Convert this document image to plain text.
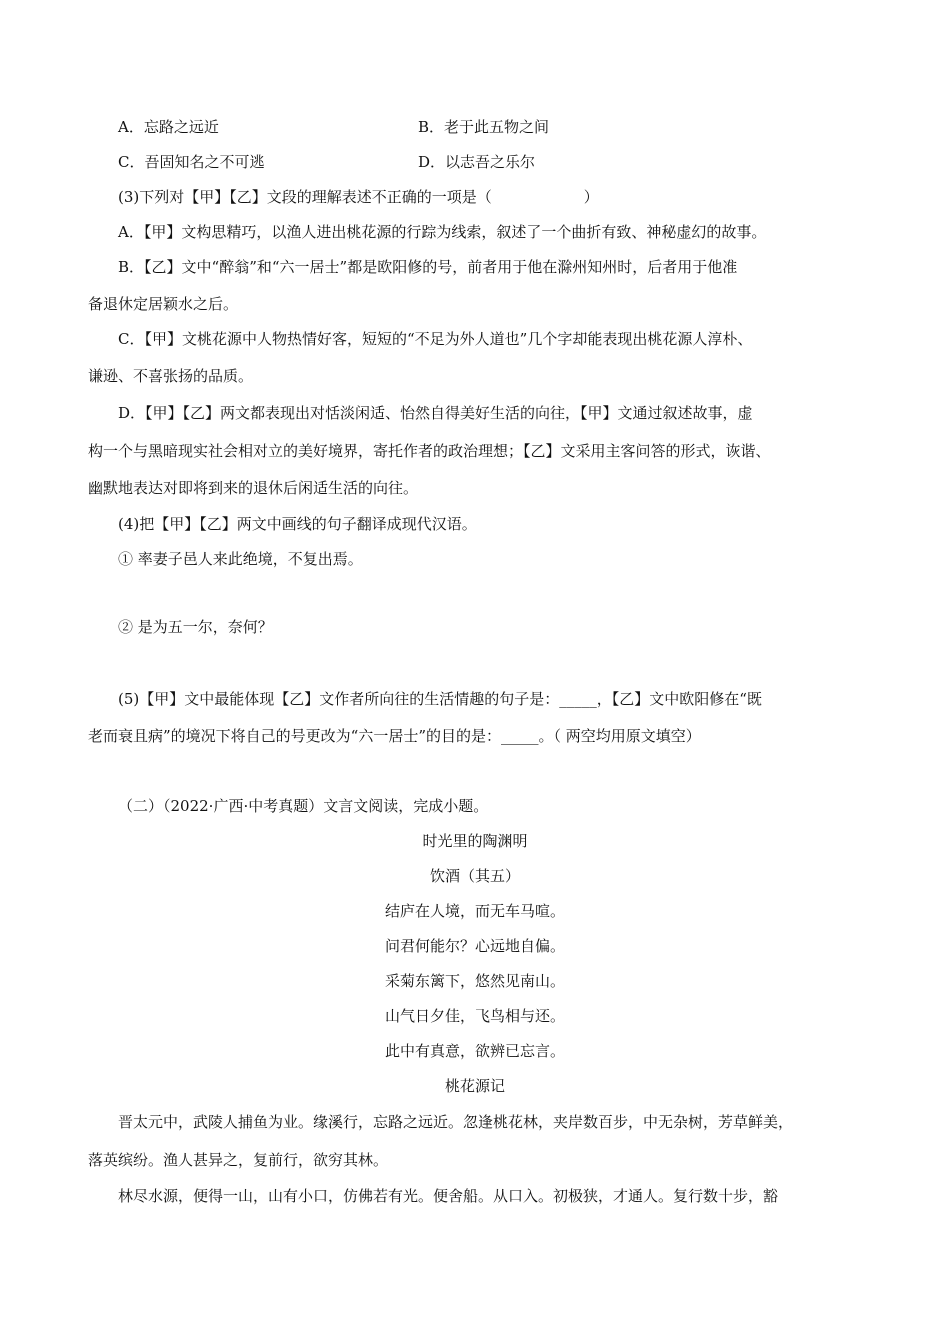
A．忘路之远近	B．老于此五物之间
C．吾固知名之不可逃	D．以志吾之乐尔
(3)下列对【甲】【乙】文段的理解表述不正确的一项是（	）
A．【甲】文构思精巧，以渔人进出桃花源的行踪为线索，叙述了一个曲折有致、神秘虚幻的故事。
B．【乙】文中“醉翁”和“六一居士”都是欧阳修的号，前者用于他在滁州知州时，后者用于他准
备退休定居颖水之后。
C．【甲】文桃花源中人物热情好客，短短的“不足为外人道也”几个字却能表现出桃花源人淳朴、
谦逊、不喜张扬的品质。
D．【甲】【乙】两文都表现出对恬淡闲适、怡然自得美好生活的向往，【甲】文通过叙述故事，虚
构一个与黑暗现实社会相对立的美好境界，寄托作者的政治理想；【乙】文采用主客问答的形式，诙谐、
幽默地表达对即将到来的退休后闲适生活的向往。
(4)把【甲】【乙】两文中画线的句子翻译成现代汉语。
① 率妻子邑人来此绝境，不复出焉。
② 是为五一尔，奈何？
(5)【甲】文中最能体现【乙】文作者所向往的生活情趣的句子是：_____，【乙】文中欧阳修在“既
老而衰且病”的境况下将自己的号更改为“六一居士”的目的是：_____。（ 两空均用原文填空）
（二）（2022·广西·中考真题）文言文阅读，完成小题。
时光里的陶渊明
饮酒（其五）
结庐在人境，而无车马喧。
问君何能尔？心远地自偏。
采菊东篱下，悠然见南山。
山气日夕佳，飞鸟相与还。
此中有真意，欲辨已忘言。
桃花源记
晋太元中，武陵人捕鱼为业。缘溪行，忘路之远近。忽逢桃花林，夹岸数百步，中无杂树，芳草鲜美，
落英缤纷。渔人甚异之，复前行，欲穷其林。
林尽水源，便得一山，山有小口，仿佛若有光。便舍船。从口入。初极狭，才通人。复行数十步，豁
